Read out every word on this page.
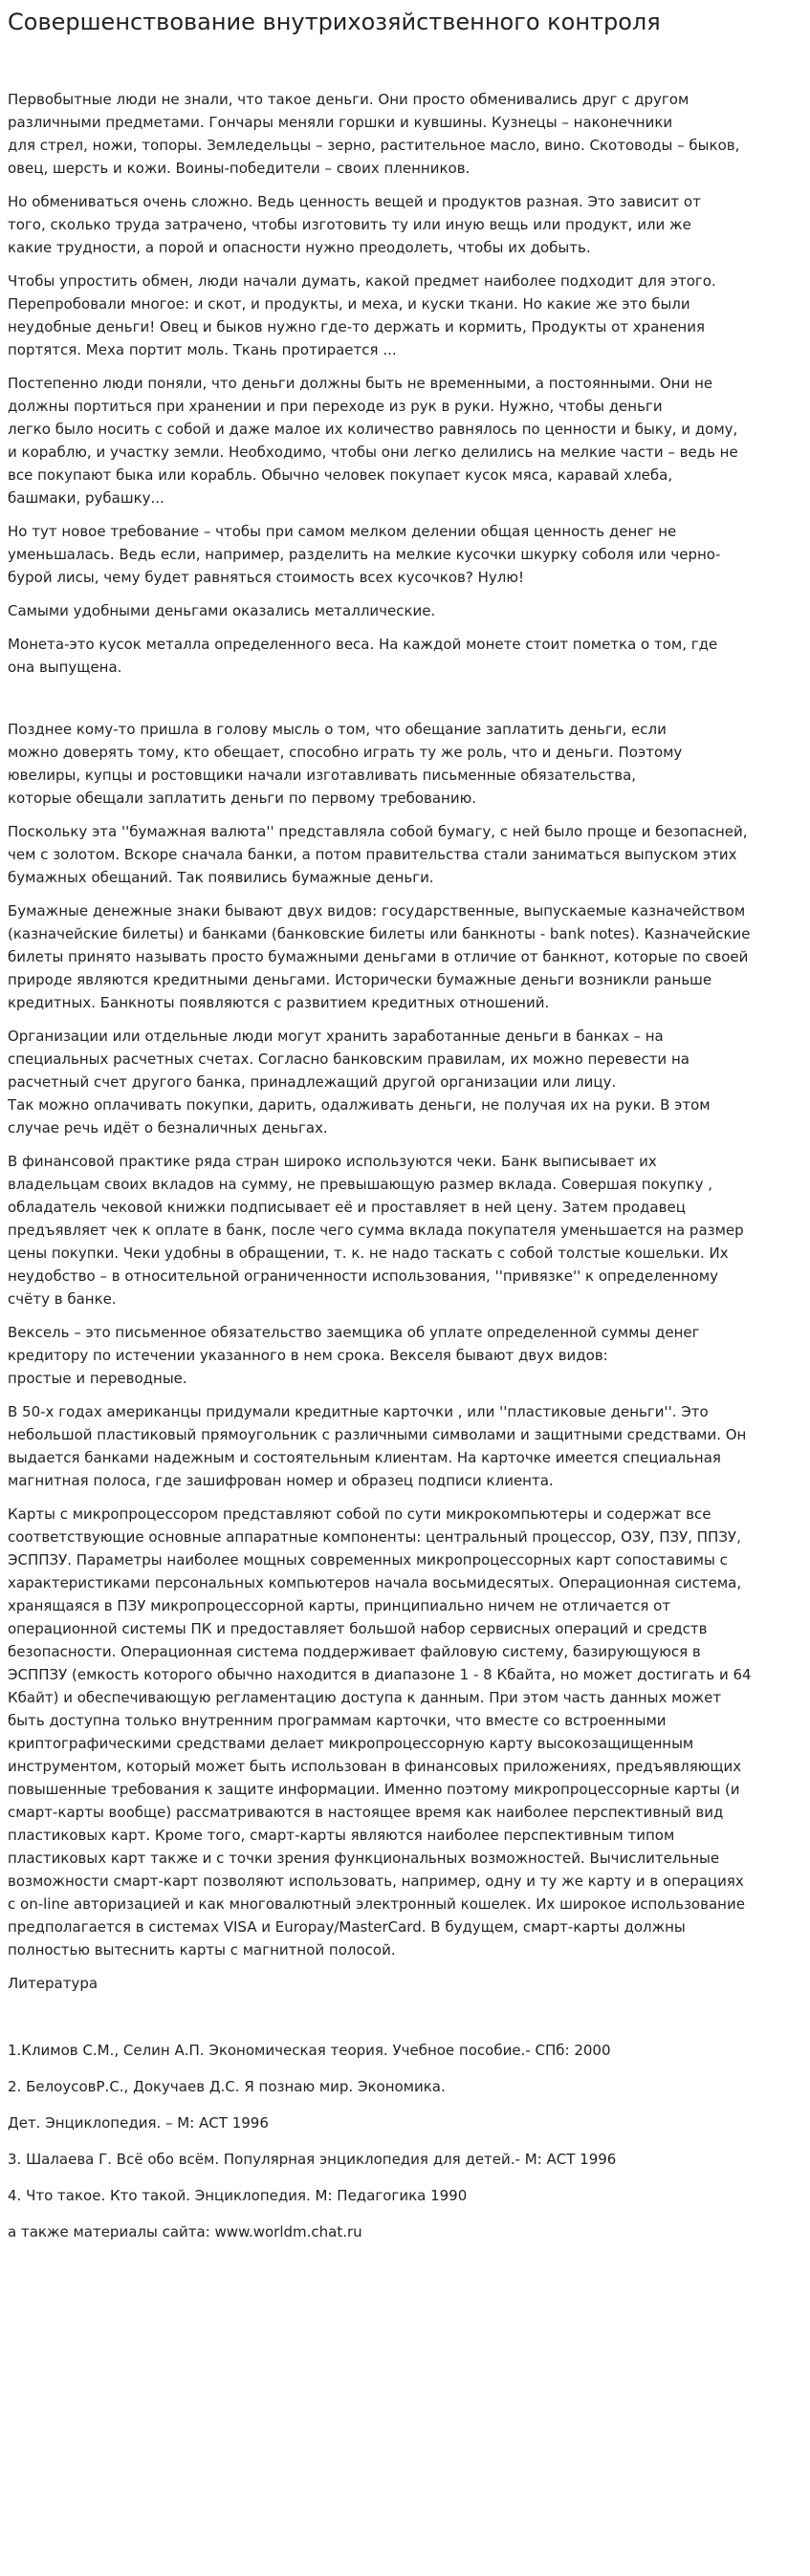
Совершенствование внутрихозяйственного контроля

Первобытные люди не знали, что такое деньги. Они просто обменивались друг с другом
различными предметами. Гончары меняли горшки и кувшины. Кузнецы – наконечники
для стрел, ножи, топоры. Земледельцы – зерно, растительное масло, вино. Скотоводы – быков,
овец, шерсть и кожи. Воины-победители – своих пленников.

Но обмениваться очень сложно. Ведь ценность вещей и продуктов разная. Это зависит от
того, сколько труда затрачено, чтобы изготовить ту или иную вещь или продукт, или же
какие трудности, а порой и опасности нужно преодолеть, чтобы их добыть.

Чтобы упростить обмен, люди начали думать, какой предмет наиболее подходит для этого.
Перепробовали многое: и скот, и продукты, и меха, и куски ткани. Но какие же это были
неудобные деньги! Овец и быков нужно где-то держать и кормить, Продукты от хранения
портятся. Меха портит моль. Ткань протирается ...

Постепенно люди поняли, что деньги должны быть не временными, а постоянными. Они не
должны портиться при хранении и при переходе из рук в руки. Нужно, чтобы деньги
легко было носить с собой и даже малое их количество равнялось по ценности и быку, и дому,
и кораблю, и участку земли. Необходимо, чтобы они легко делились на мелкие части – ведь не
все покупают быка или корабль. Обычно человек покупает кусок мяса, каравай хлеба,
башмаки, рубашку...

Но тут новое требование – чтобы при самом мелком делении общая ценность денег не
уменьшалась. Ведь если, например, разделить на мелкие кусочки шкурку соболя или черно-
бурой лисы, чему будет равняться стоимость всех кусочков? Нулю!

Самыми удобными деньгами оказались металлические.

Монета-это кусок металла определенного веса. На каждой монете стоит пометка о том, где
она выпущена.

Позднее кому-то пришла в голову мысль о том, что обещание заплатить деньги, если
можно доверять тому, кто обещает, способно играть ту же роль, что и деньги. Поэтому
ювелиры, купцы и ростовщики начали изготавливать письменные обязательства,
которые обещали заплатить деньги по первому требованию.

Поскольку эта ''бумажная валюта'' представляла собой бумагу, с ней было проще и безопасней,
чем с золотом. Вскоре сначала банки, а потом правительства стали заниматься выпуском этих
бумажных обещаний. Так появились бумажные деньги.

Бумажные денежные знаки бывают двух видов: государственные, выпускаемые казначейством
(казначейские билеты) и банками (банковские билеты или банкноты - bank notes). Казначейские
билеты принято называть просто бумажными деньгами в отличие от банкнот, которые по своей
природе являются кредитными деньгами. Исторически бумажные деньги возникли раньше
кредитных. Банкноты появляются с развитием кредитных отношений.

Организации или отдельные люди могут хранить заработанные деньги в банках – на
специальных расчетных счетах. Согласно банковским правилам, их можно перевести на
расчетный счет другого банка, принадлежащий другой организации или лицу.
Так можно оплачивать покупки, дарить, одалживать деньги, не получая их на руки. В этом
случае речь идёт о безналичных деньгах.

В финансовой практике ряда стран широко используются чеки. Банк выписывает их
владельцам своих вкладов на сумму, не превышающую размер вклада. Совершая покупку ,
обладатель чековой книжки подписывает её и проставляет в ней цену. Затем продавец
предъявляет чек к оплате в банк, после чего сумма вклада покупателя уменьшается на размер
цены покупки. Чеки удобны в обращении, т. к. не надо таскать с собой толстые кошельки. Их
неудобство – в относительной ограниченности использования, ''привязке'' к определенному
счёту в банке.

Вексель – это письменное обязательство заемщика об уплате определенной суммы денег
кредитору по истечении указанного в нем срока. Векселя бывают двух видов:
простые и переводные.

В 50-х годах американцы придумали кредитные карточки , или ''пластиковые деньги''. Это
небольшой пластиковый прямоугольник с различными символами и защитными средствами. Он
выдается банками надежным и состоятельным клиентам. На карточке имеется специальная
магнитная полоса, где зашифрован номер и образец подписи клиента.

Карты с микропроцессором представляют собой по сути микрокомпьютеры и содержат все
соответствующие основные аппаратные компоненты: центральный процессор, ОЗУ, ПЗУ, ППЗУ,
ЭСППЗУ. Параметры наиболее мощных современных микропроцессорных карт сопоставимы с
характеристиками персональных компьютеров начала восьмидесятых. Операционная система,
хранящаяся в ПЗУ микропроцессорной карты, принципиально ничем не отличается от
операционной системы ПК и предоставляет большой набор сервисных операций и средств
безопасности. Операционная система поддерживает файловую систему, базирующуюся в
ЭСППЗУ (емкость которого обычно находится в диапазоне 1 - 8 Кбайта, но может достигать и 64
Кбайт) и обеспечивающую регламентацию доступа к данным. При этом часть данных может
быть доступна только внутренним программам карточки, что вместе со встроенными
криптографическими средствами делает микропроцессорную карту высокозащищенным
инструментом, который может быть использован в финансовых приложениях, предъявляющих
повышенные требования к защите информации. Именно поэтому микропроцессорные карты (и
смарт-карты вообще) рассматриваются в настоящее время как наиболее перспективный вид
пластиковых карт. Кроме того, смарт-карты являются наиболее перспективным типом
пластиковых карт также и с точки зрения функциональных возможностей. Вычислительные
возможности смарт-карт позволяют использовать, например, одну и ту же карту и в операциях
с on-line авторизацией и как многовалютный электронный кошелек. Их широкое использование
предполагается в системах VISA и Europay/MasterCard. В будущем, смарт-карты должны
полностью вытеснить карты с магнитной полосой.

Литература

1.Климов С.М., Селин А.П. Экономическая теория. Учебное пособие.- СПб: 2000

2. БелоусовР.С., Докучаев Д.С. Я познаю мир. Экономика.

Дет. Энциклопедия. – М: АСТ 1996

3. Шалаева Г. Всё обо всём. Популярная энциклопедия для детей.- М: АСТ 1996

4. Что такое. Кто такой. Энциклопедия. М: Педагогика 1990

а также материалы сайта: www.worldm.chat.ru
